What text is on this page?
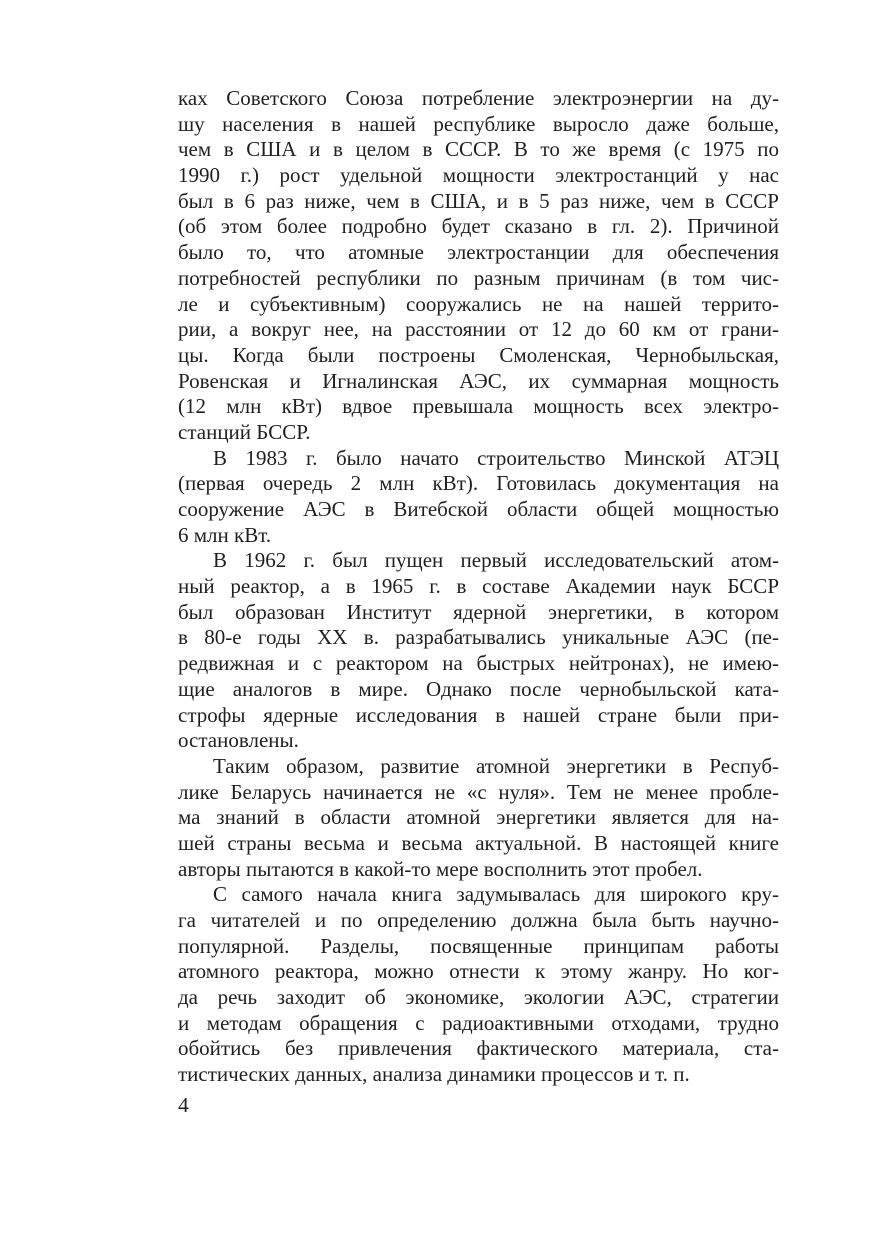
ках Советского Союза потребление электроэнергии на ду-
шу населения в нашей республике выросло даже больше,
чем в США и в целом в СССР. В то же время (с 1975 по
1990 г.) рост удельной мощности электростанций у нас
был в 6 раз ниже, чем в США, и в 5 раз ниже, чем в СССР
(об этом более подробно будет сказано в гл. 2). Причиной
было то, что атомные электростанции для обеспечения
потребностей республики по разным причинам (в том чис-
ле и субъективным) сооружались не на нашей террито-
рии, а вокруг нее, на расстоянии от 12 до 60 км от грани-
цы. Когда были построены Смоленская, Чернобыльская,
Ровенская и Игналинская АЭС, их суммарная мощность
(12 млн кВт) вдвое превышала мощность всех электро-
станций БССР.
В 1983 г. было начато строительство Минской АТЭЦ
(первая очередь 2 млн кВт). Готовилась документация на
сооружение АЭС в Витебской области общей мощностью
6 млн кВт.
В 1962 г. был пущен первый исследовательский атом-
ный реактор, а в 1965 г. в составе Академии наук БССР
был образован Институт ядерной энергетики, в котором
в 80-е годы XX в. разрабатывались уникальные АЭС (пе-
редвижная и с реактором на быстрых нейтронах), не имею-
щие аналогов в мире. Однако после чернобыльской ката-
строфы ядерные исследования в нашей стране были при-
остановлены.
Таким образом, развитие атомной энергетики в Респуб-
лике Беларусь начинается не «с нуля». Тем не менее пробле-
ма знаний в области атомной энергетики является для на-
шей страны весьма и весьма актуальной. В настоящей книге
авторы пытаются в какой-то мере восполнить этот пробел.
С самого начала книга задумывалась для широкого кру-
га читателей и по определению должна была быть научно-
популярной. Разделы, посвященные принципам работы
атомного реактора, можно отнести к этому жанру. Но ког-
да речь заходит об экономике, экологии АЭС, стратегии
и методам обращения с радиоактивными отходами, трудно
обойтись без привлечения фактического материала, ста-
тистических данных, анализа динамики процессов и т. п.
4
